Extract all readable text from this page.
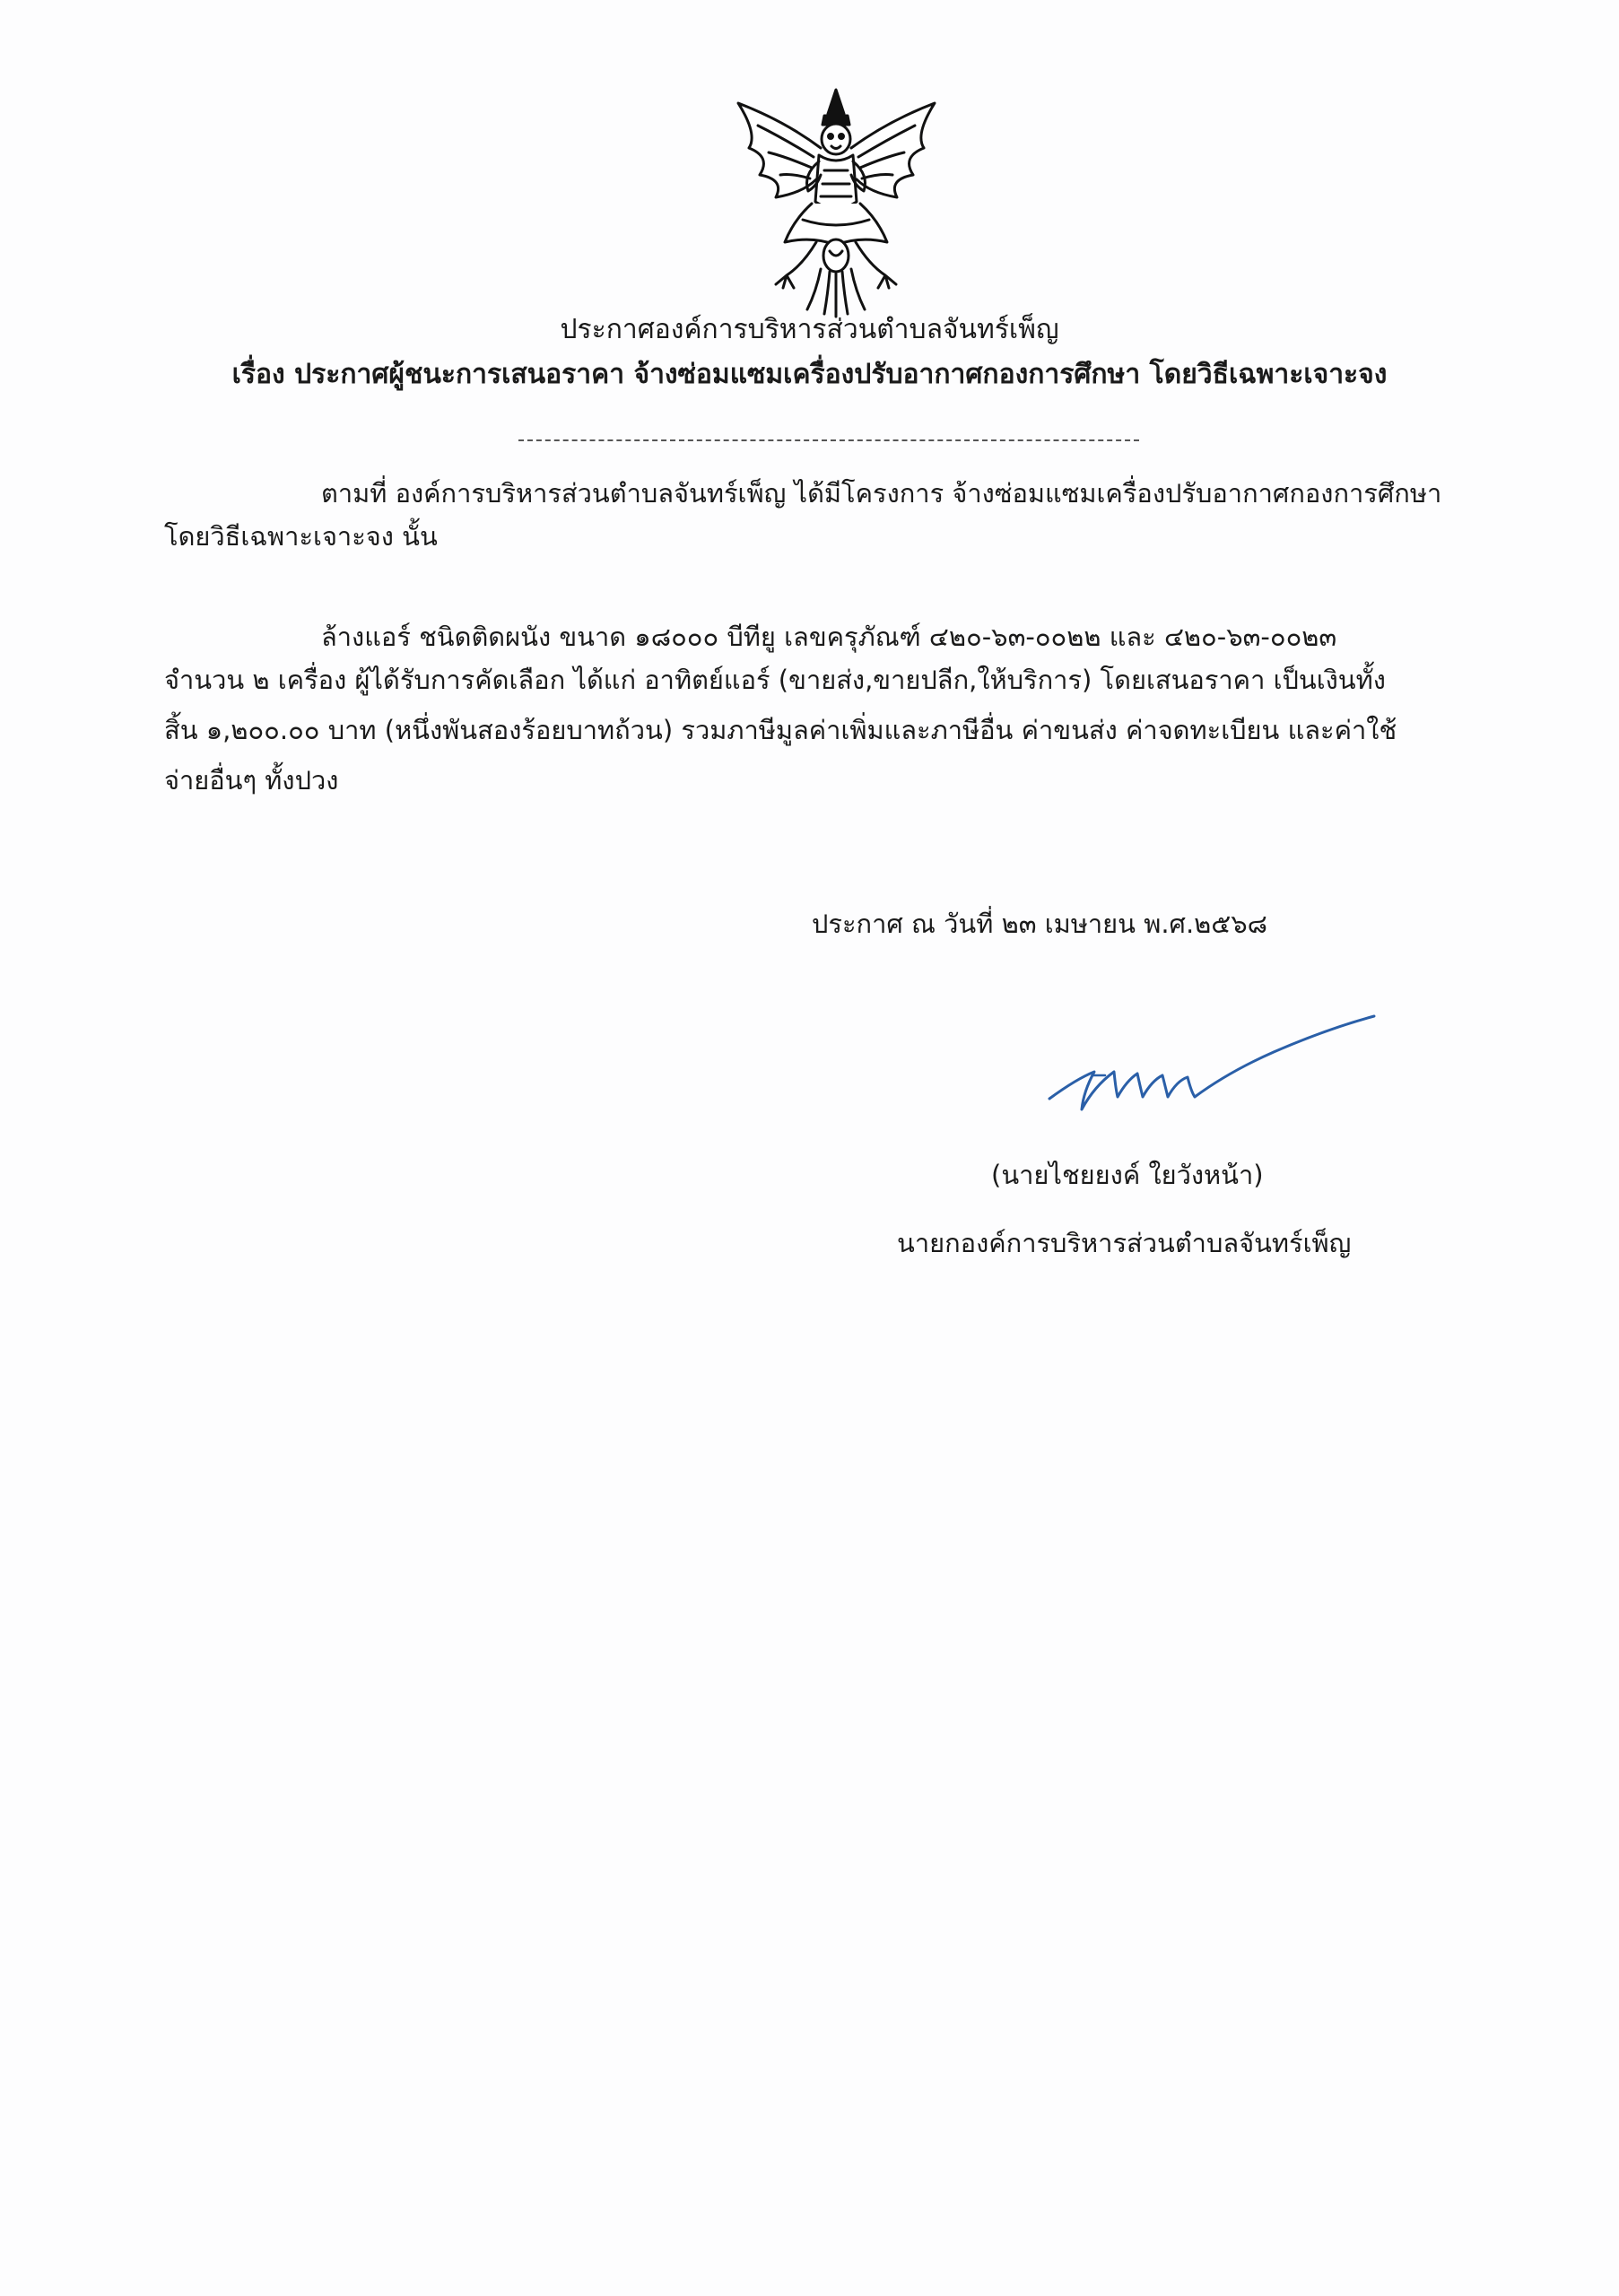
ประกาศองค์การบริหารส่วนตำบลจันทร์เพ็ญ
เรื่อง ประกาศผู้ชนะการเสนอราคา จ้างซ่อมแซมเครื่องปรับอากาศกองการศึกษา โดยวิธีเฉพาะเจาะจง
ตามที่ องค์การบริหารส่วนตำบลจันทร์เพ็ญ ได้มีโครงการ จ้างซ่อมแซมเครื่องปรับอากาศกองการศึกษา
โดยวิธีเฉพาะเจาะจง นั้น
ล้างแอร์ ชนิดติดผนัง ขนาด ๑๘๐๐๐ บีทียู เลขครุภัณฑ์ ๔๒๐-๖๓-๐๐๒๒ และ ๔๒๐-๖๓-๐๐๒๓
จำนวน ๒ เครื่อง ผู้ได้รับการคัดเลือก ได้แก่ อาทิตย์แอร์ (ขายส่ง,ขายปลีก,ให้บริการ) โดยเสนอราคา เป็นเงินทั้ง
สิ้น ๑,๒๐๐.๐๐ บาท (หนึ่งพันสองร้อยบาทถ้วน) รวมภาษีมูลค่าเพิ่มและภาษีอื่น ค่าขนส่ง ค่าจดทะเบียน และค่าใช้
จ่ายอื่นๆ ทั้งปวง
ประกาศ ณ วันที่ ๒๓ เมษายน พ.ศ.๒๕๖๘
(นายไชยยงค์ ใยวังหน้า)
นายกองค์การบริหารส่วนตำบลจันทร์เพ็ญ
